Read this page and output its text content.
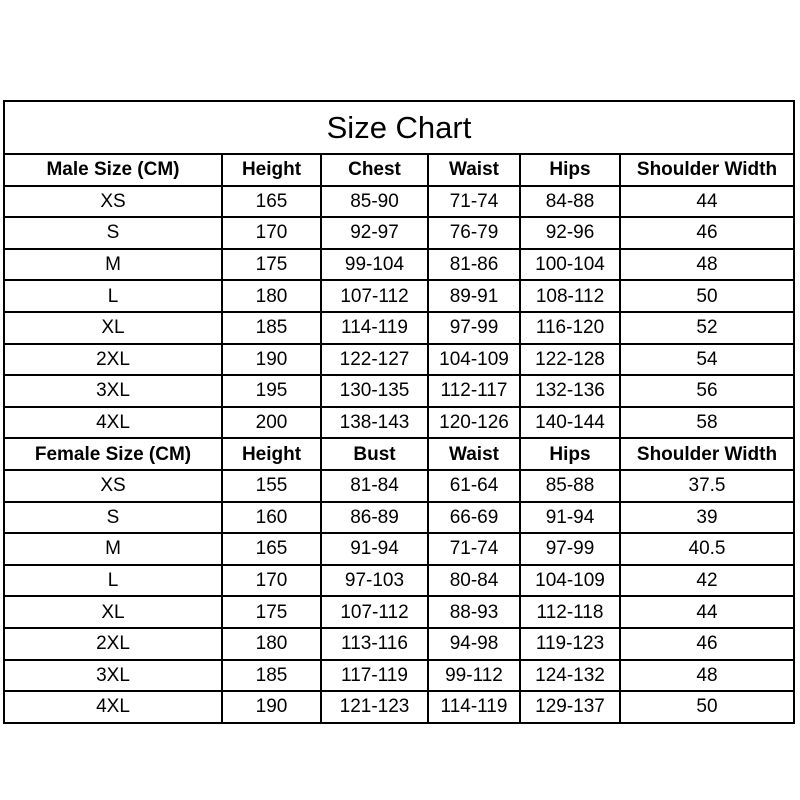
Size Chart
Male Size (CM)	Height	Chest	Waist	Hips	Shoulder Width
XS	165	85-90	71-74	84-88	44
S	170	92-97	76-79	92-96	46
M	175	99-104	81-86	100-104	48
L	180	107-112	89-91	108-112	50
XL	185	114-119	97-99	116-120	52
2XL	190	122-127	104-109	122-128	54
3XL	195	130-135	112-117	132-136	56
4XL	200	138-143	120-126	140-144	58
Female Size (CM)	Height	Bust	Waist	Hips	Shoulder Width
XS	155	81-84	61-64	85-88	37.5
S	160	86-89	66-69	91-94	39
M	165	91-94	71-74	97-99	40.5
L	170	97-103	80-84	104-109	42
XL	175	107-112	88-93	112-118	44
2XL	180	113-116	94-98	119-123	46
3XL	185	117-119	99-112	124-132	48
4XL	190	121-123	114-119	129-137	50
